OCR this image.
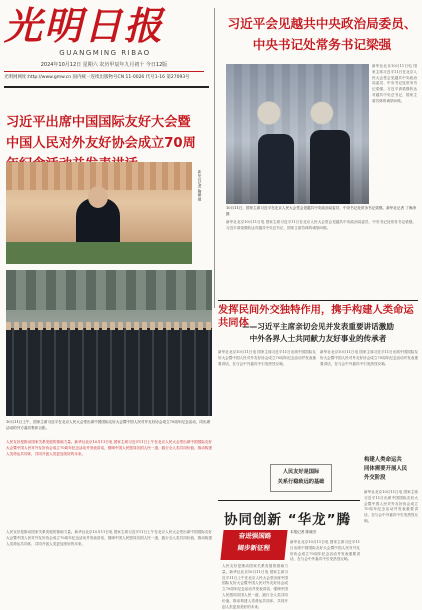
光明日报
GUANGMING RIBAO
2024年10月12日 星期六 农历甲辰年九月初十 今日12版
光明网网址:http://www.gmw.cn 国内统一连续出版物号CN 11-0026 代号1-16 第27093号
习近平会见越共中央政治局委员、中央书记处常务书记梁强
新华社北京10月11日电 国家主席习近平11日在北京人民大会堂会见越共中央政治局委员、中央书记处常务书记梁强。习近平请梁强转达对越共中央总书记、国家主席苏林的诚挚问候。
10月11日，国家主席习近平在北京人民大会堂会见越共中央政治局委员、中央书记处常务书记梁强。新华社记者 丁海涛 摄
新华社北京10月11日电 国家主席习近平11日在北京人民大会堂会见越共中央政治局委员、中央书记处常务书记梁强。习近平请梁强转达对越共中央总书记、国家主席苏林的诚挚问候。
习近平出席中国国际友好大会暨中国人民对外友好协会成立70周
新华社记者 鞠鹏 摄
10月11日上午，国家主席习近平在北京人民大会堂出席中国国际友好大会暨中国人民对外友好协会成立70周年纪念活动，同出席活动的外方嘉宾集体合影。
人民友好是推动国家关系发展的基础力量。新华社北京10月11日电 国家主席习近平11日上午在北京人民大会堂出席中国国际友好大会暨中国人民对外友好协会成立70周年纪念活动并发表讲话，强调中国人民愿同各国人民一道，践行全人类共同价值，推动构建人类命运共同体，共同开创人类更加美好的未来。
人民友好是推动国家关系发展的基础力量。新华社北京10月11日电 国家主席习近平11日上午在北京人民大会堂出席中国国际友好大会暨中国人民对外友好协会成立70周年纪念活动并发表讲话，强调中国人民愿同各国人民一道，践行全人类共同价值，推动构建人类命运共同体，共同开创人类更加美好的未来。
发挥民间外交独特作用，携手构建人类命运共同体
——习近平主席亲切会见并发表重要讲话激励
中外各界人士共同献力友好事业的传承者
新华社北京10月11日电 国家主席习近平11日出席中国国际友好大会暨中国人民对外友好协会成立70周年纪念活动并发表重要讲话，在与会中外嘉宾中引发热烈反响。
新华社北京10月11日电 国家主席习近平11日出席中国国际友好大会暨中国人民对外友好协会成立70周年纪念活动并发表重要讲话，在与会中外嘉宾中引发热烈反响。
人民友好是国际
关系行稳致远的基础
构建人类命运共
同体需要开展人民
外交阶段
新华社北京10月11日电 国家主席习近平11日出席中国国际友好大会暨中国人民对外友好协会成立70周年纪念活动并发表重要讲话，在与会中外嘉宾中引发热烈反响。
协同创新 “华龙”腾
奋进强国路
阔步新征程
本报记者 陈晓芳
新华社北京10月11日电 国家主席习近平11日出席中国国际友好大会暨中国人民对外友好协会成立70周年纪念活动并发表重要讲话，在与会中外嘉宾中引发热烈反响。
人民友好是推动国家关系发展的基础力量。新华社北京10月11日电 国家主席习近平11日上午在北京人民大会堂出席中国国际友好大会暨中国人民对外友好协会成立70周年纪念活动并发表讲话，强调中国人民愿同各国人民一道，践行全人类共同价值，推动构建人类命运共同体，共同开创人类更加美好的未来。
